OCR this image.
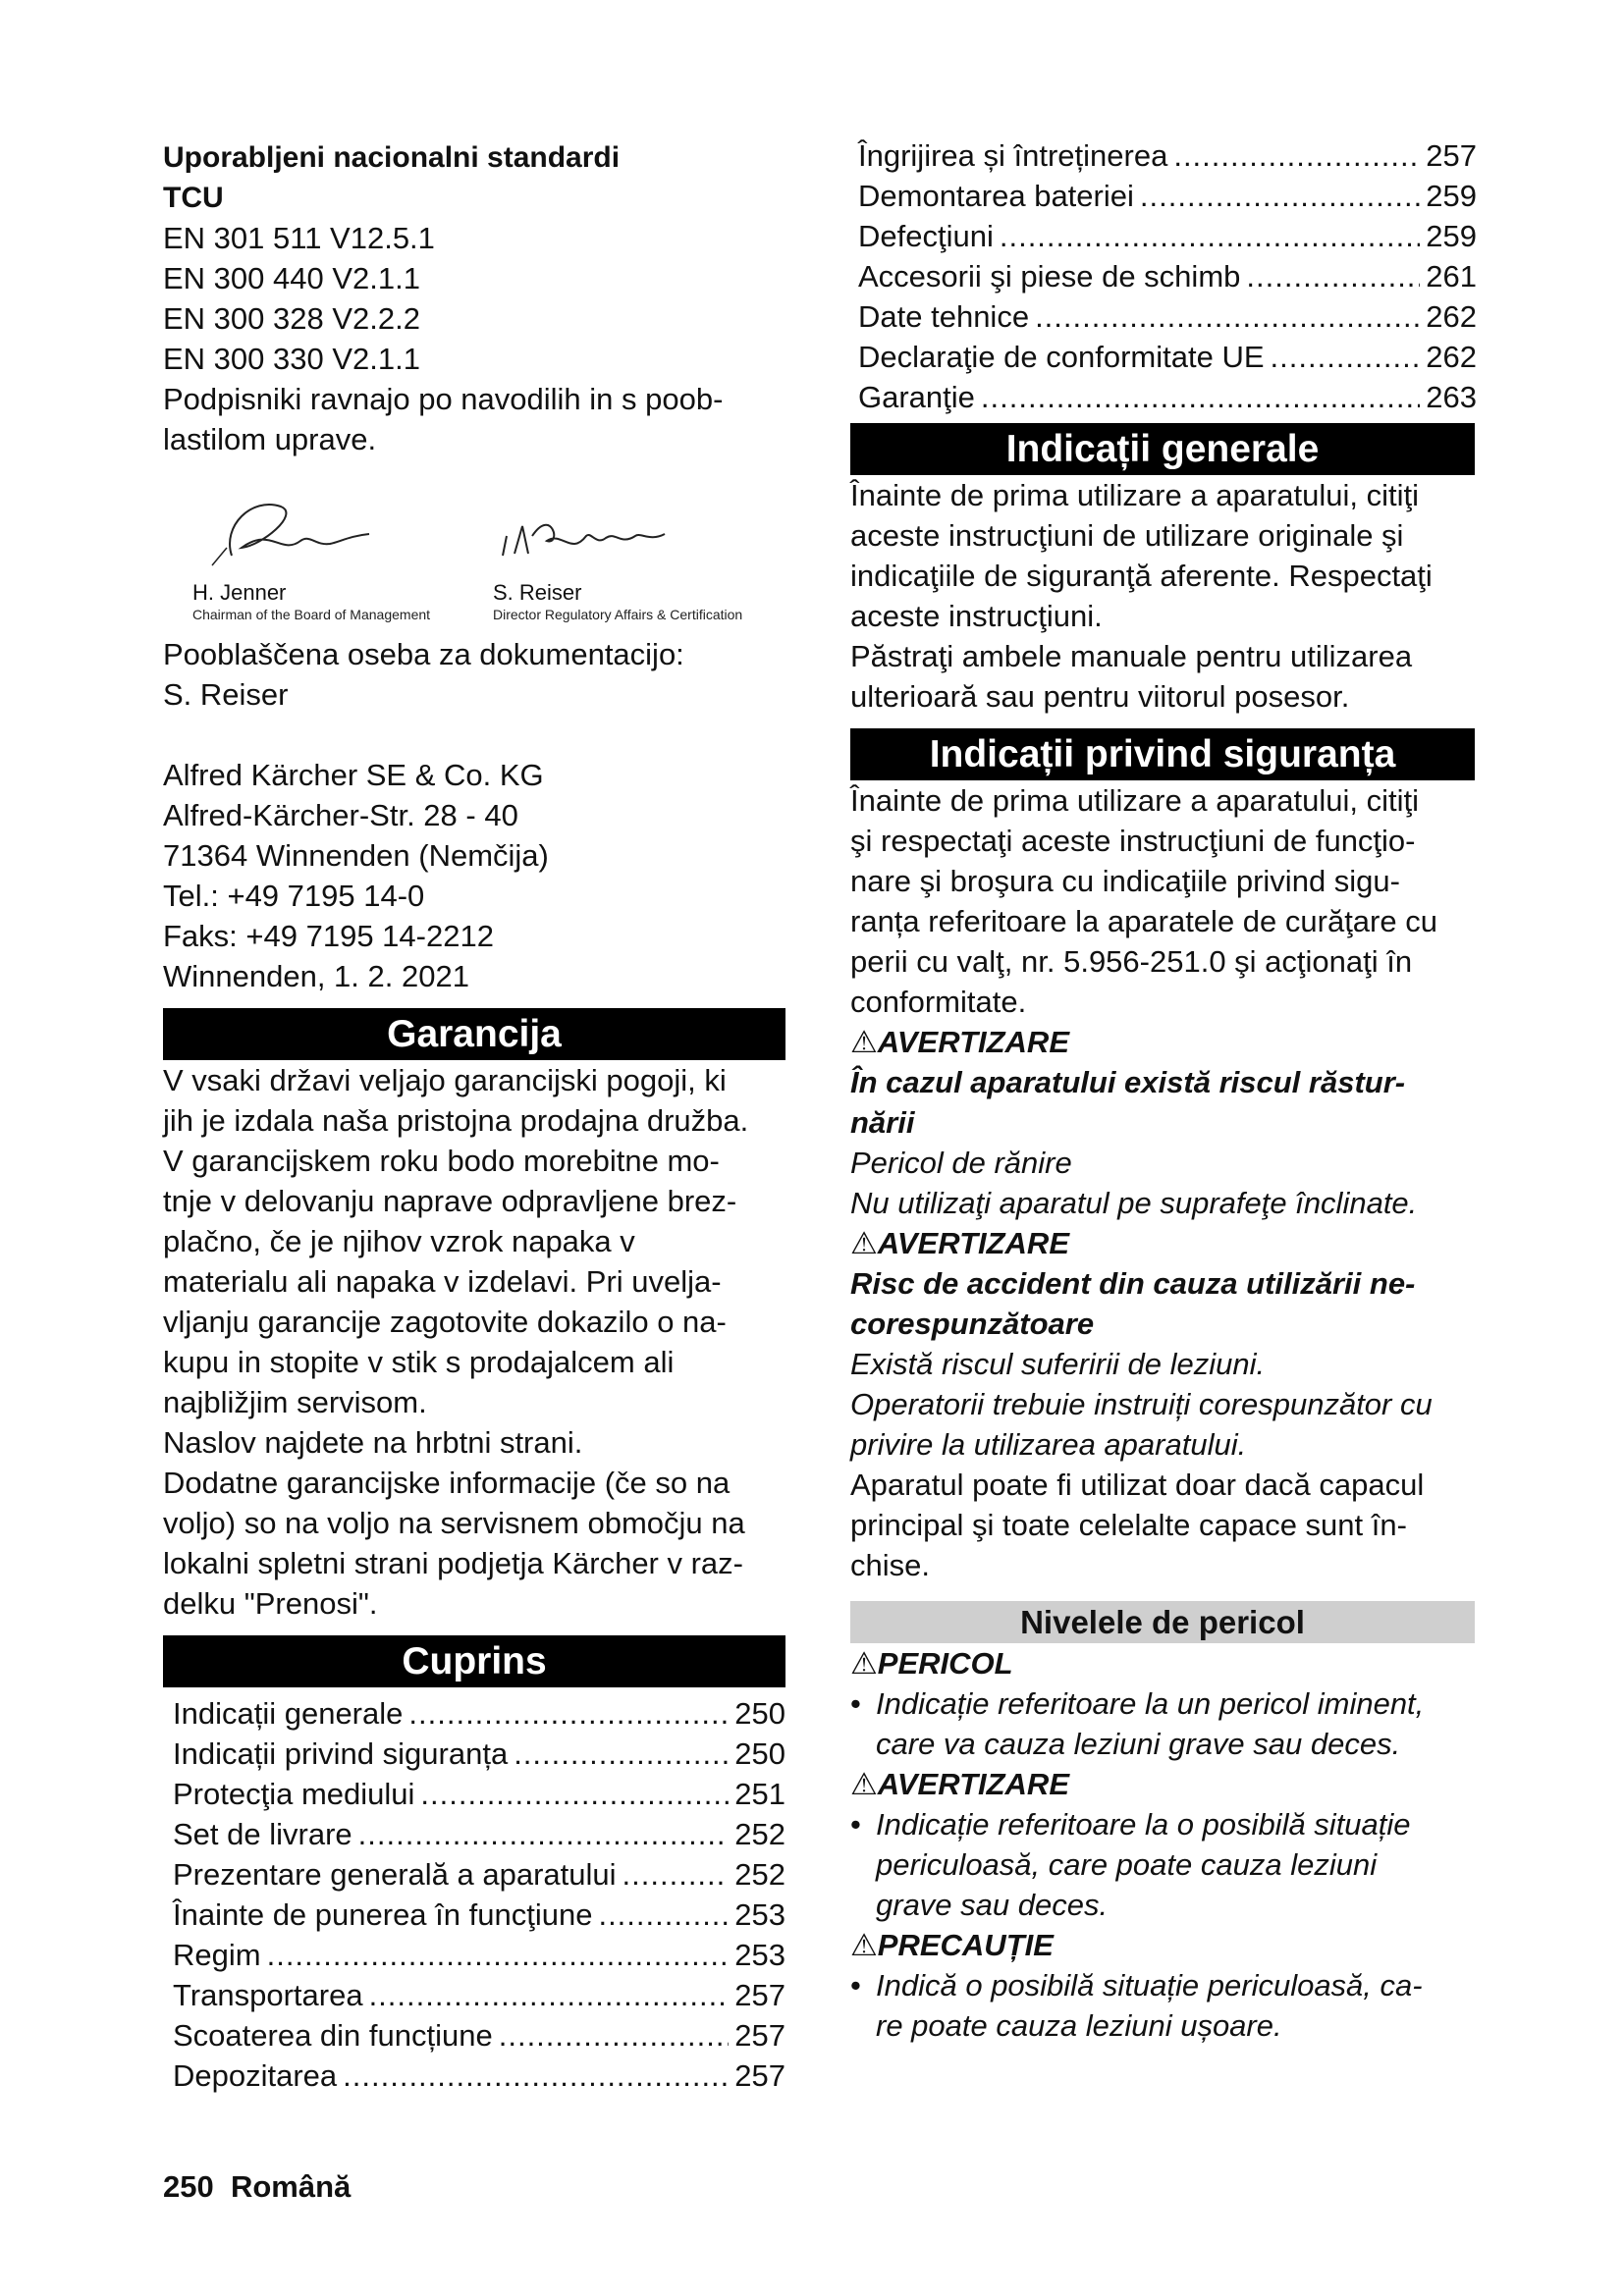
Uporabljeni nacionalni standardi
TCU
EN 301 511 V12.5.1
EN 300 440 V2.1.1
EN 300 328 V2.2.2
EN 300 330 V2.1.1
Podpisniki ravnajo po navodilih in s poob-
lastilom uprave.
H. Jenner
Chairman of the Board of Management
S. Reiser
Director Regulatory Affairs & Certification
Pooblaščena oseba za dokumentacijo:
S. Reiser
Alfred Kärcher SE & Co. KG
Alfred-Kärcher-Str. 28 - 40
71364 Winnenden (Nemčija)
Tel.: +49 7195 14-0
Faks: +49 7195 14-2212
Winnenden, 1. 2. 2021
Garancija
V vsaki državi veljajo garancijski pogoji, ki
jih je izdala naša pristojna prodajna družba.
V garancijskem roku bodo morebitne mo-
tnje v delovanju naprave odpravljene brez-
plačno, če je njihov vzrok napaka v
materialu ali napaka v izdelavi. Pri uvelja-
vljanju garancije zagotovite dokazilo o na-
kupu in stopite v stik s prodajalcem ali
najbližjim servisom.
Naslov najdete na hrbtni strani.
Dodatne garancijske informacije (če so na
voljo) so na voljo na servisnem območju na
lokalni spletni strani podjetja Kärcher v raz-
delku "Prenosi".
Cuprins
Indicații generale .....	250
Indicații privind siguranța .....	250
Protecţia mediului .....	251
Set de livrare .....	252
Prezentare generală a aparatului .....	252
Înainte de punerea în funcţiune .....	253
Regim .....	253
Transportarea .....	257
Scoaterea din funcțiune .....	257
Depozitarea .....	257
Îngrijirea și întreținerea .....	257
Demontarea bateriei .....	259
Defecţiuni .....	259
Accesorii şi piese de schimb .....	261
Date tehnice .....	262
Declaraţie de conformitate UE .....	262
Garanţie .....	263
Indicații generale
Înainte de prima utilizare a aparatului, citiţi
aceste instrucţiuni de utilizare originale şi
indicaţiile de siguranţă aferente. Respectaţi
aceste instrucţiuni.
Păstraţi ambele manuale pentru utilizarea
ulterioară sau pentru viitorul posesor.
Indicații privind siguranța
Înainte de prima utilizare a aparatului, citiţi
şi respectaţi aceste instrucţiuni de funcţio-
nare şi broşura cu indicaţiile privind sigu-
ranța referitoare la aparatele de curăţare cu
perii cu valţ, nr. 5.956-251.0 şi acţionaţi în
conformitate.
⚠AVERTIZARE
În cazul aparatului există riscul răstur-
nării
Pericol de rănire
Nu utilizaţi aparatul pe suprafeţe înclinate.
⚠AVERTIZARE
Risc de accident din cauza utilizării ne-
corespunzătoare
Există riscul suferirii de leziuni.
Operatorii trebuie instruiți corespunzător cu
privire la utilizarea aparatului.
Aparatul poate fi utilizat doar dacă capacul
principal şi toate celelalte capace sunt în-
chise.
Nivelele de pericol
⚠PERICOL
• Indicație referitoare la un pericol iminent,
care va cauza leziuni grave sau deces.
⚠AVERTIZARE
• Indicație referitoare la o posibilă situație
periculoasă, care poate cauza leziuni
grave sau deces.
⚠PRECAUȚIE
• Indică o posibilă situație periculoasă, ca-
re poate cauza leziuni ușoare.
250 Română
